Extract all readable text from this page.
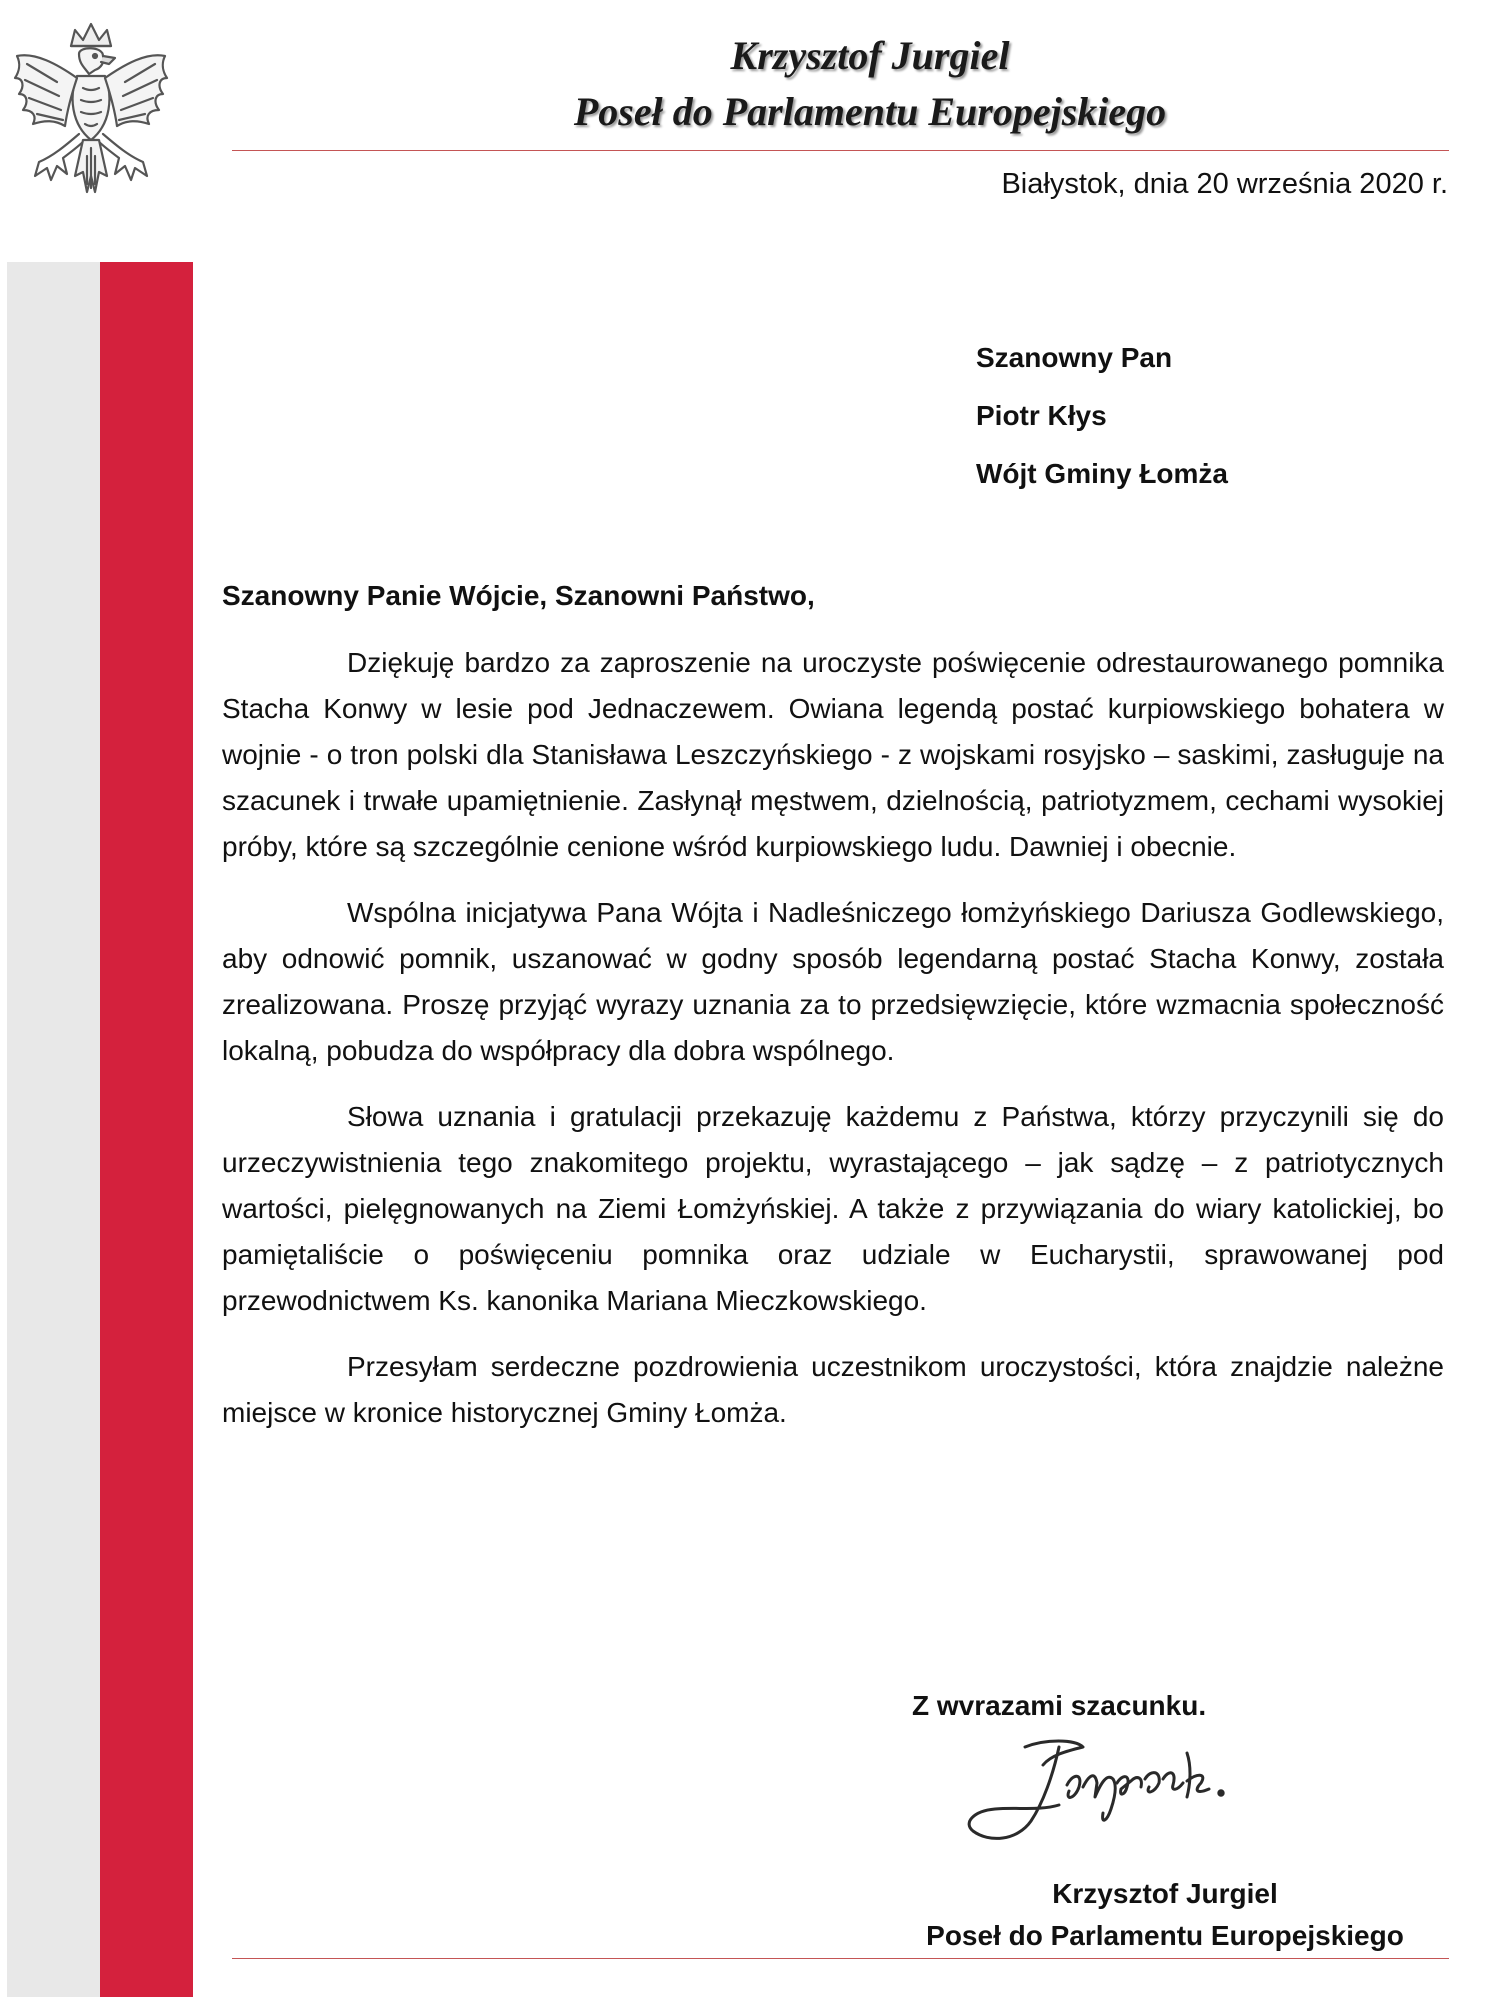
Krzysztof Jurgiel
Poseł do Parlamentu Europejskiego
Białystok, dnia 20 września 2020 r.
Szanowny Pan
Piotr Kłys
Wójt Gminy Łomża
Szanowny Panie Wójcie, Szanowni Państwo,

Dziękuję bardzo za zaproszenie na uroczyste poświęcenie odrestaurowanego pomnika Stacha Konwy w lesie pod Jednaczewem. Owiana legendą postać kurpiowskiego bohatera w wojnie - o tron polski dla Stanisława Leszczyńskiego - z wojskami rosyjsko – saskimi, zasługuje na szacunek i trwałe upamiętnienie. Zasłynął męstwem, dzielnością, patriotyzmem, cechami wysokiej próby, które są szczególnie cenione wśród kurpiowskiego ludu. Dawniej i obecnie.

Wspólna inicjatywa Pana Wójta i Nadleśniczego łomżyńskiego Dariusza Godlewskiego, aby odnowić pomnik, uszanować w godny sposób legendarną postać Stacha Konwy, została zrealizowana. Proszę przyjąć wyrazy uznania za to przedsięwzięcie, które wzmacnia społeczność lokalną, pobudza do współpracy dla dobra wspólnego.

Słowa uznania i gratulacji przekazuję każdemu z Państwa, którzy przyczynili się do urzeczywistnienia tego znakomitego projektu, wyrastającego – jak sądzę – z patriotycznych wartości, pielęgnowanych na Ziemi Łomżyńskiej. A także z przywiązania do wiary katolickiej, bo pamiętaliście o poświęceniu pomnika oraz udziale w Eucharystii, sprawowanej pod przewodnictwem Ks. kanonika Mariana Mieczkowskiego.

Przesyłam serdeczne pozdrowienia uczestnikom uroczystości, która znajdzie należne miejsce w kronice historycznej Gminy Łomża.

Z wvrazami szacunku.
Krzysztof Jurgiel
Poseł do Parlamentu Europejskiego
